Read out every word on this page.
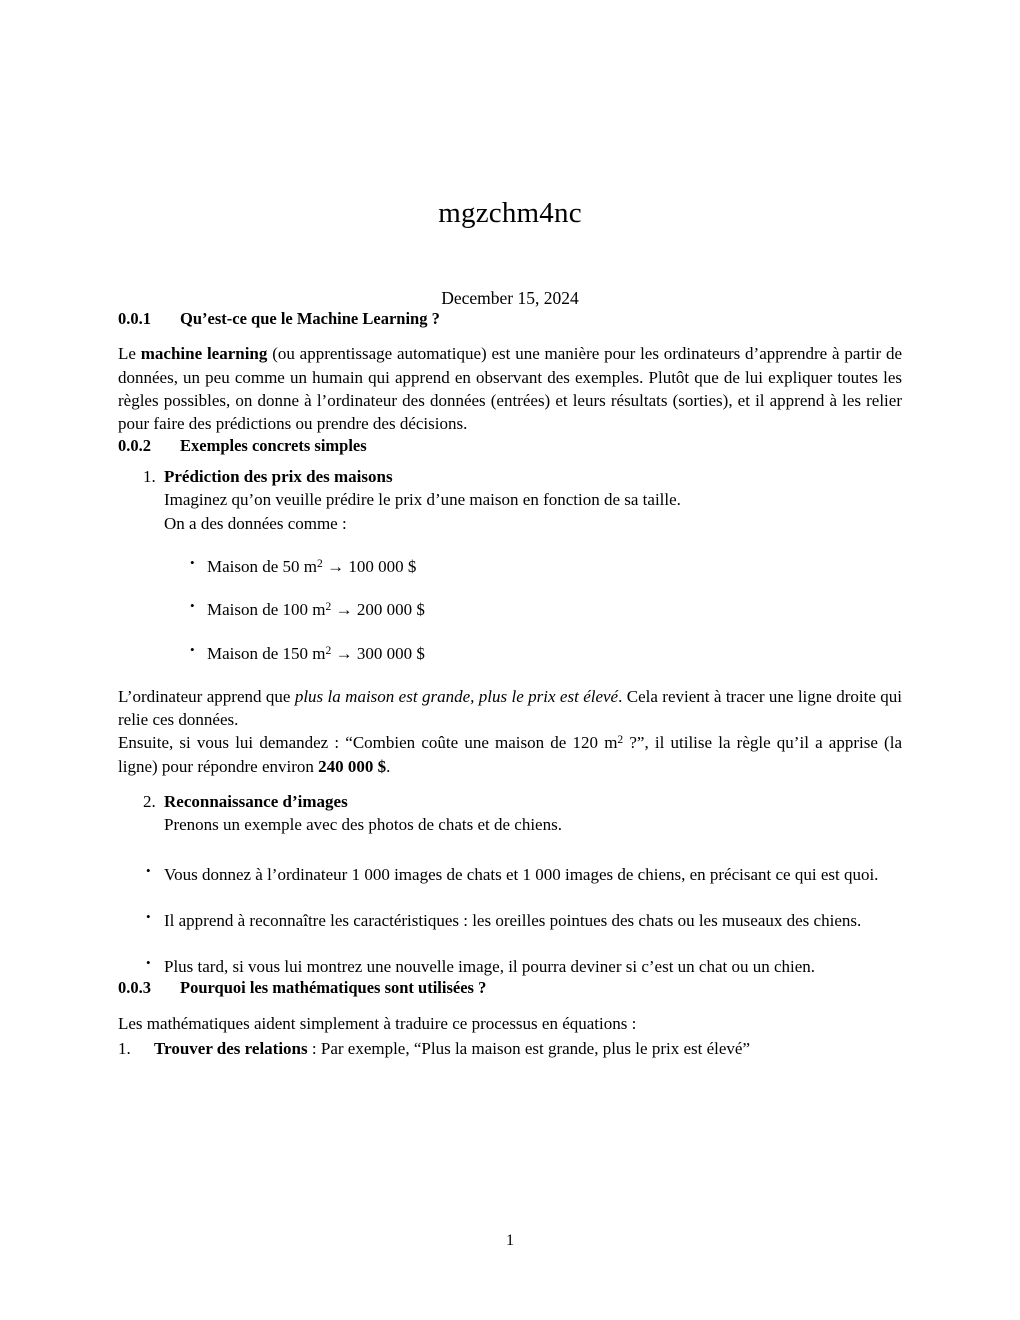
mgzchm4nc
December 15, 2024
0.0.1	Qu’est-ce que le Machine Learning ?

Le machine learning (ou apprentissage automatique) est une manière pour les ordinateurs d’apprendre à partir de données, un peu comme un humain qui apprend en observant des exemples. Plutôt que de lui expliquer toutes les règles possibles, on donne à l’ordinateur des données (entrées) et leurs résultats (sorties), et il apprend à les relier pour faire des prédictions ou prendre des décisions.

0.0.2	Exemples concrets simples
1. Prédiction des prix des maisons
Imaginez qu’on veuille prédire le prix d’une maison en fonction de sa taille.
On a des données comme :
• Maison de 50 $m^2 \to 100$ 000 $
• Maison de 100 $m^2 \to 200$ 000 $
• Maison de 150 $m^2 \to 300$ 000 $

L’ordinateur apprend que plus la maison est grande, plus le prix est élevé. Cela revient à tracer une ligne droite qui relie ces données.

Ensuite, si vous lui demandez : “Combien coûte une maison de 120 $m^2$ ?”, il utilise la règle qu’il a apprise (la ligne) pour répondre environ 240 000 $.

2. Reconnaissance d’images
Prenons un exemple avec des photos de chats et de chiens.
• Vous donnez à l’ordinateur 1 000 images de chats et 1 000 images de chiens, en précisant ce qui est quoi.
• Il apprend à reconnaître les caractéristiques : les oreilles pointues des chats ou les museaux des chiens.
• Plus tard, si vous lui montrez une nouvelle image, il pourra deviner si c’est un chat ou un chien.
0.0.3	Pourquoi les mathématiques sont utilisées ?

Les mathématiques aident simplement à traduire ce processus en équations :

1. Trouver des relations : Par exemple, “Plus la maison est grande, plus le prix est élevé”
1
